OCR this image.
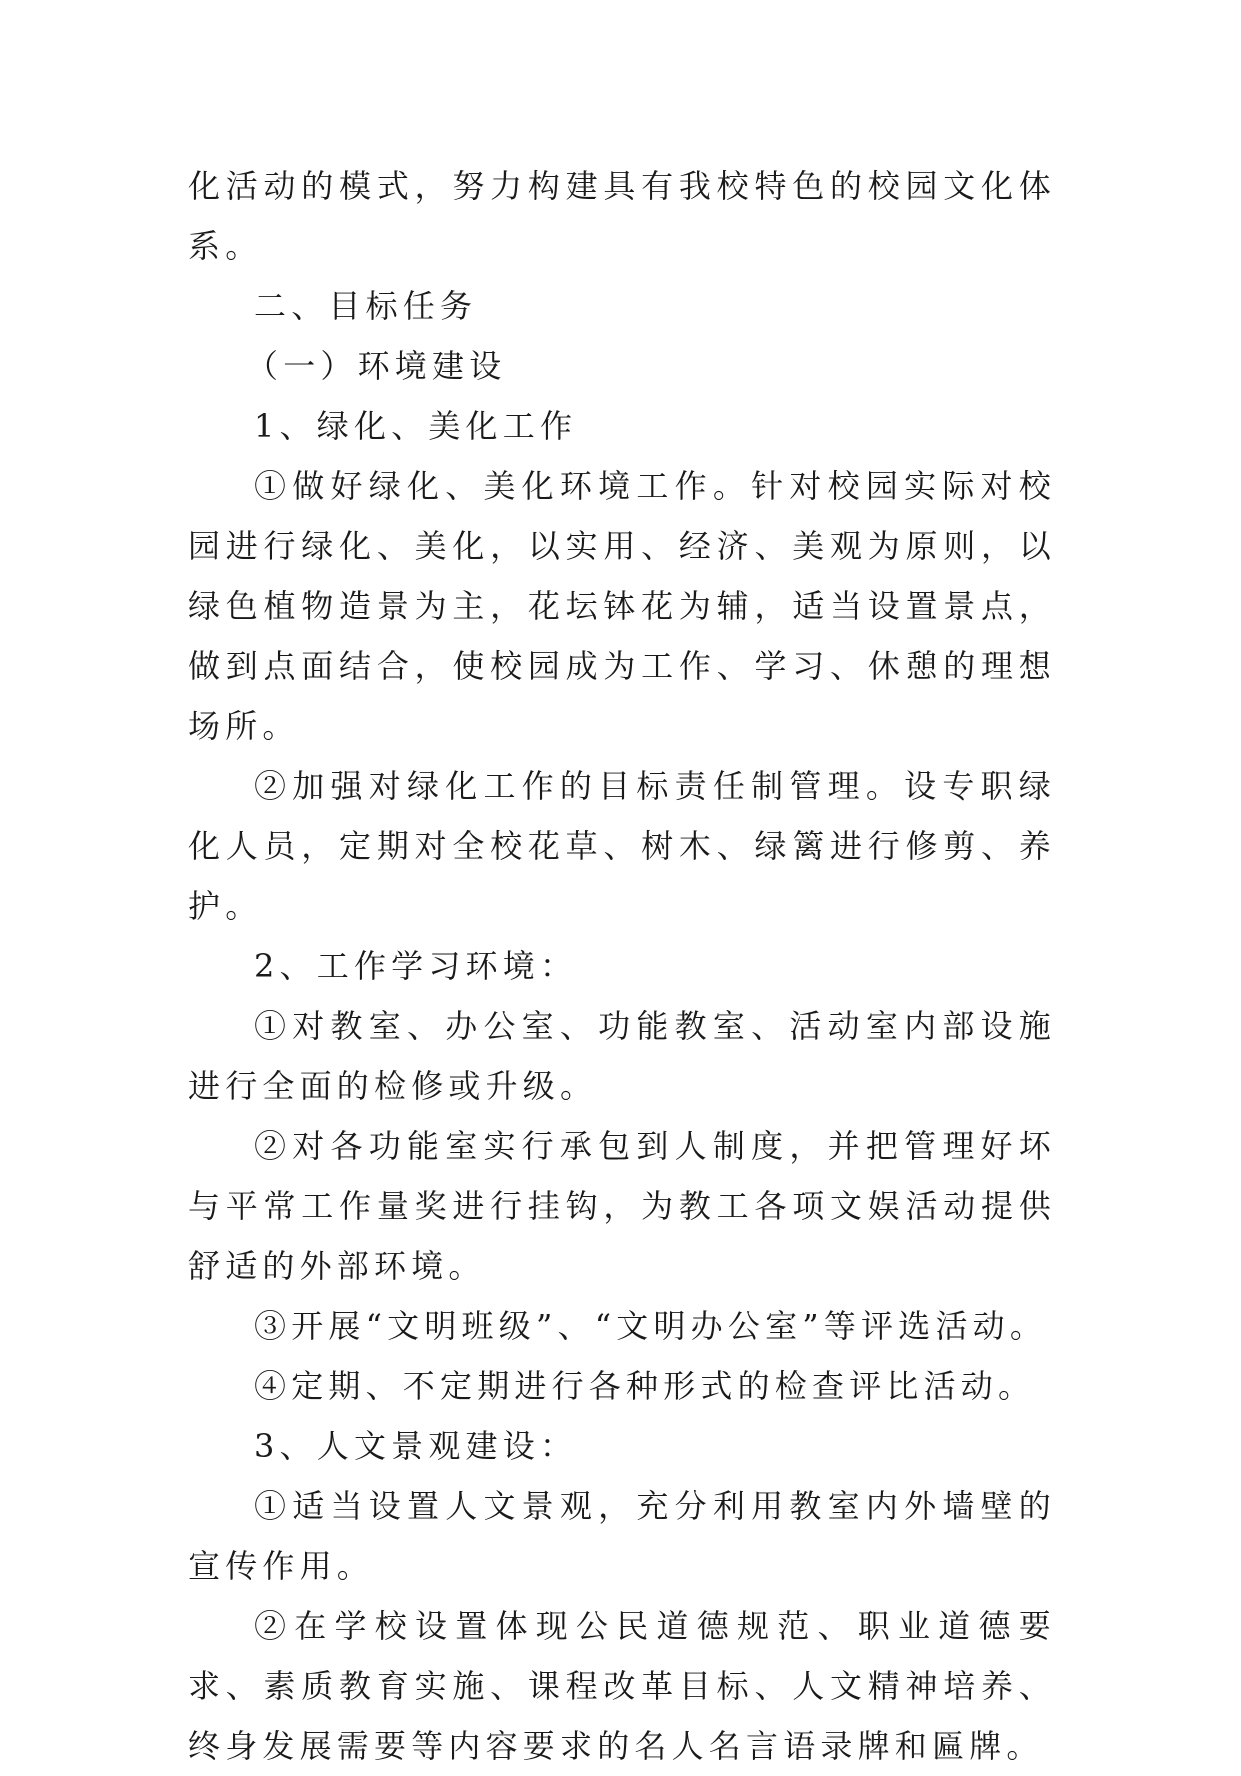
化活动的模式，努力构建具有我校特色的校园文化体系。

二、目标任务

（一）环境建设

1、绿化、美化工作

①做好绿化、美化环境工作。针对校园实际对校园进行绿化、美化，以实用、经济、美观为原则，以绿色植物造景为主，花坛钵花为辅，适当设置景点，做到点面结合，使校园成为工作、学习、休憩的理想场所。

②加强对绿化工作的目标责任制管理。设专职绿化人员，定期对全校花草、树木、绿篱进行修剪、养护。

2、工作学习环境：

①对教室、办公室、功能教室、活动室内部设施进行全面的检修或升级。

②对各功能室实行承包到人制度，并把管理好坏与平常工作量奖进行挂钩，为教工各项文娱活动提供舒适的外部环境。

③开展“文明班级”、“文明办公室”等评选活动。

④定期、不定期进行各种形式的检查评比活动。

3、人文景观建设：

①适当设置人文景观，充分利用教室内外墙壁的宣传作用。

②在学校设置体现公民道德规范、职业道德要求、素质教育实施、课程改革目标、人文精神培养、终身发展需要等内容要求的名人名言语录牌和匾牌。
